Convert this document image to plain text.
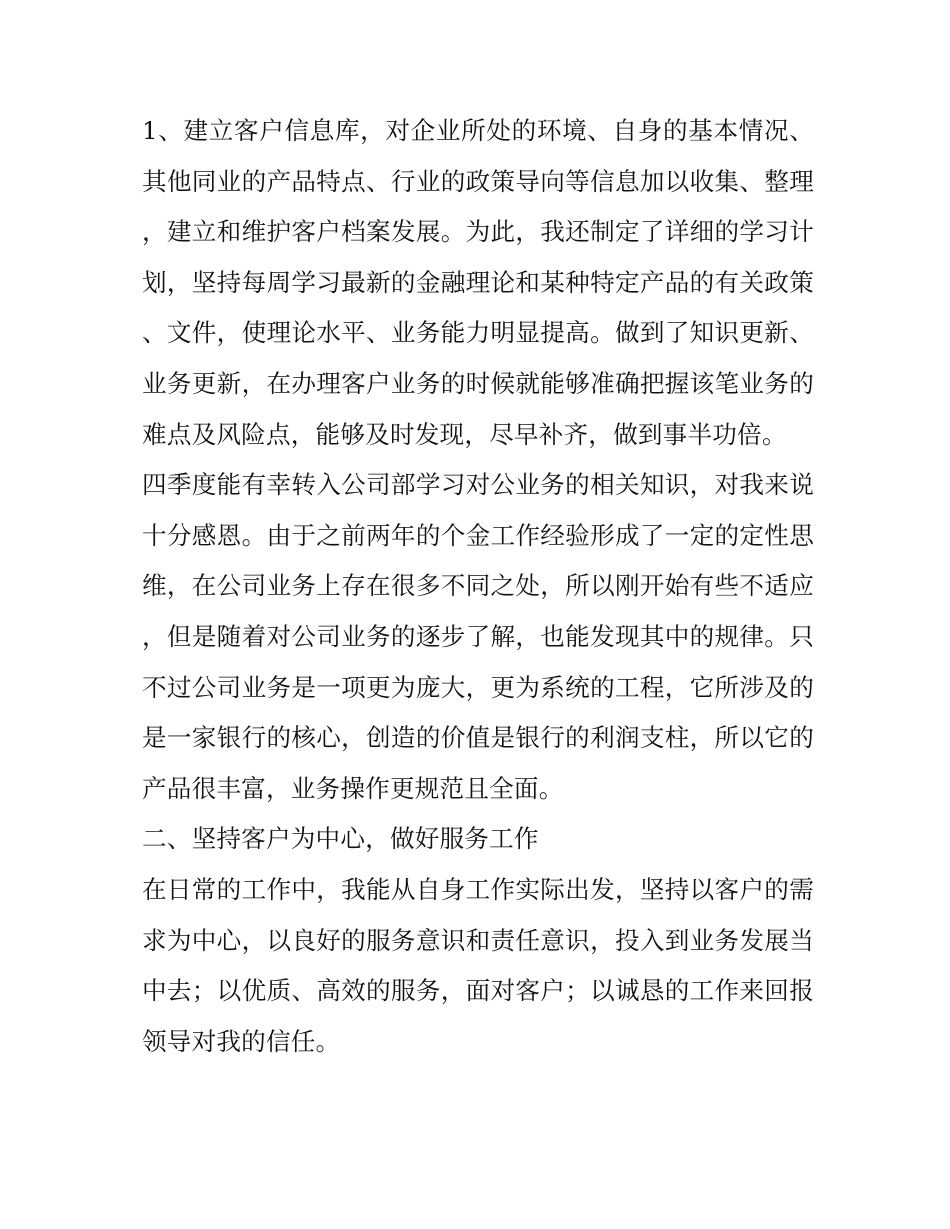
1、建立客户信息库，对企业所处的环境、自身的基本情况、其他同业的产品特点、行业的政策导向等信息加以收集、整理，建立和维护客户档案发展。为此，我还制定了详细的学习计划，坚持每周学习最新的金融理论和某种特定产品的有关政策、文件，使理论水平、业务能力明显提高。做到了知识更新、业务更新，在办理客户业务的时候就能够准确把握该笔业务的难点及风险点，能够及时发现，尽早补齐，做到事半功倍。

四季度能有幸转入公司部学习对公业务的相关知识，对我来说十分感恩。由于之前两年的个金工作经验形成了一定的定性思维，在公司业务上存在很多不同之处，所以刚开始有些不适应，但是随着对公司业务的逐步了解，也能发现其中的规律。只不过公司业务是一项更为庞大，更为系统的工程，它所涉及的是一家银行的核心，创造的价值是银行的利润支柱，所以它的产品很丰富，业务操作更规范且全面。

二、坚持客户为中心，做好服务工作

在日常的工作中，我能从自身工作实际出发，坚持以客户的需求为中心，以良好的服务意识和责任意识，投入到业务发展当中去；以优质、高效的服务，面对客户；以诚恳的工作来回报领导对我的信任。
